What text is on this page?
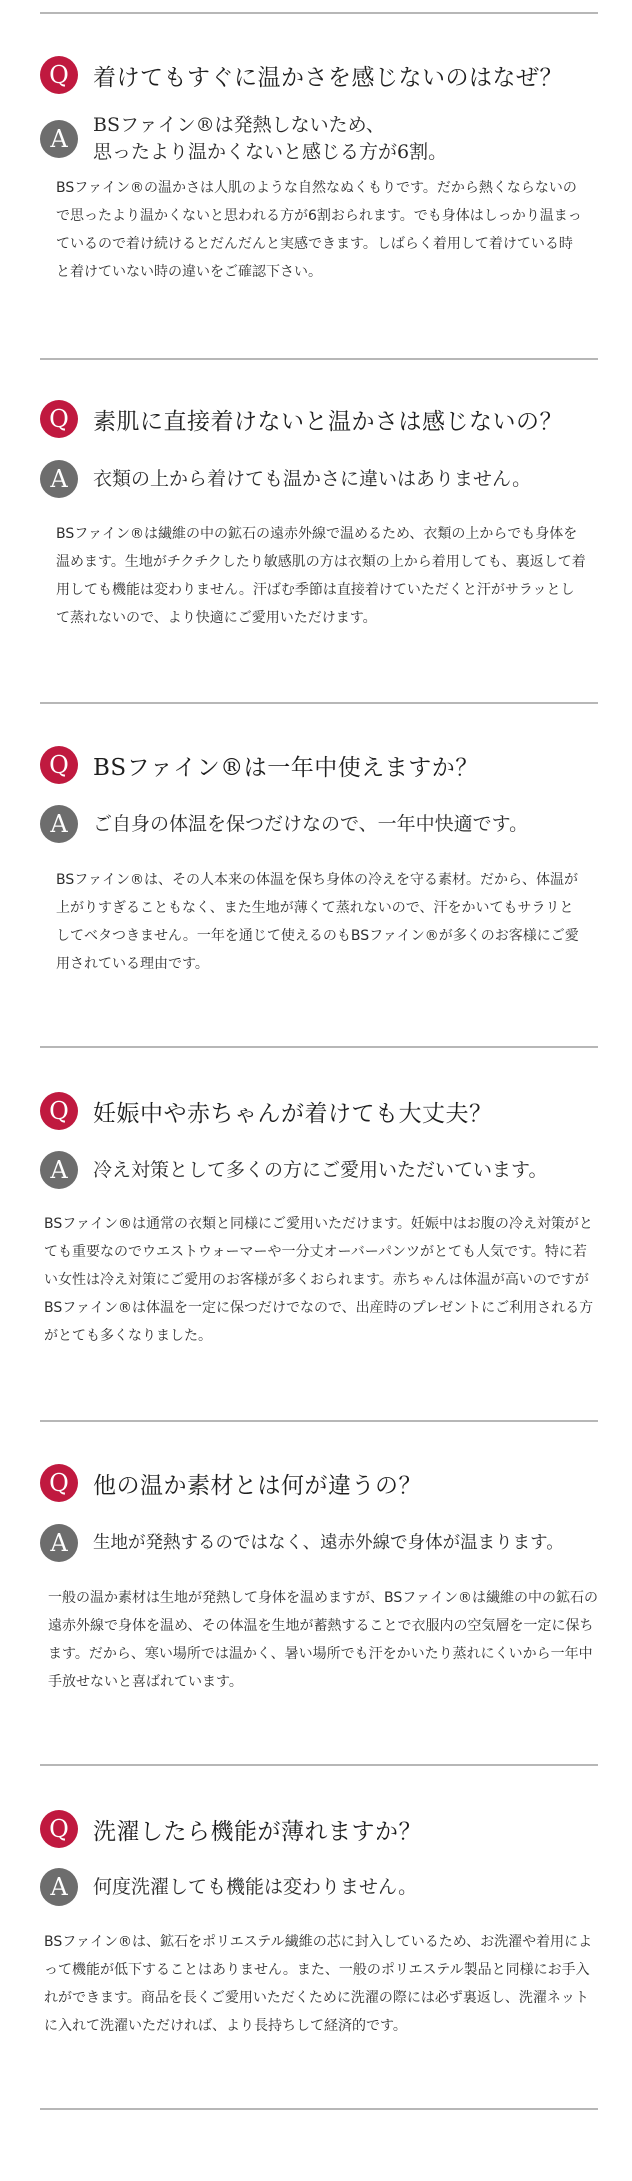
Q	着けてもすぐに温かさを感じないのはなぜ？
A	BSファイン®は発熱しないため、
思ったより温かくないと感じる方が6割。
BSファイン®の温かさは人肌のような自然なぬくもりです。だから熱くならないので思ったより温かくないと思われる方が6割おられます。でも身体はしっかり温まっているので着け続けるとだんだんと実感できます。しばらく着用して着けている時と着けていない時の違いをご確認下さい。
Q	素肌に直接着けないと温かさは感じないの？
A	衣類の上から着けても温かさに違いはありません。
BSファイン®は繊維の中の鉱石の遠赤外線で温めるため、衣類の上からでも身体を温めます。生地がチクチクしたり敏感肌の方は衣類の上から着用しても、裏返して着用しても機能は変わりません。汗ばむ季節は直接着けていただくと汗がサラッとして蒸れないので、より快適にご愛用いただけます。
Q	BSファイン®は一年中使えますか？
A	ご自身の体温を保つだけなので、一年中快適です。
BSファイン®は、その人本来の体温を保ち身体の冷えを守る素材。だから、体温が上がりすぎることもなく、また生地が薄くて蒸れないので、汗をかいてもサラリとしてベタつきません。一年を通じて使えるのもBSファイン®が多くのお客様にご愛用されている理由です。
Q	妊娠中や赤ちゃんが着けても大丈夫？
A	冷え対策として多くの方にご愛用いただいています。
BSファイン®は通常の衣類と同様にご愛用いただけます。妊娠中はお腹の冷え対策がとても重要なのでウエストウォーマーや一分丈オーバーパンツがとても人気です。特に若い女性は冷え対策にご愛用のお客様が多くおられます。赤ちゃんは体温が高いのですがBSファイン®は体温を一定に保つだけでなので、出産時のプレゼントにご利用される方がとても多くなりました。
Q	他の温か素材とは何が違うの？
A	生地が発熱するのではなく、遠赤外線で身体が温まります。
一般の温か素材は生地が発熱して身体を温めますが、BSファイン®は繊維の中の鉱石の遠赤外線で身体を温め、その体温を生地が蓄熱することで衣服内の空気層を一定に保ちます。だから、寒い場所では温かく、暑い場所でも汗をかいたり蒸れにくいから一年中手放せないと喜ばれています。
Q	洗濯したら機能が薄れますか？
A	何度洗濯しても機能は変わりません。
BSファイン®は、鉱石をポリエステル繊維の芯に封入しているため、お洗濯や着用によって機能が低下することはありません。また、一般のポリエステル製品と同様にお手入れができます。商品を長くご愛用いただくために洗濯の際には必ず裏返し、洗濯ネットに入れて洗濯いただければ、より長持ちして経済的です。
